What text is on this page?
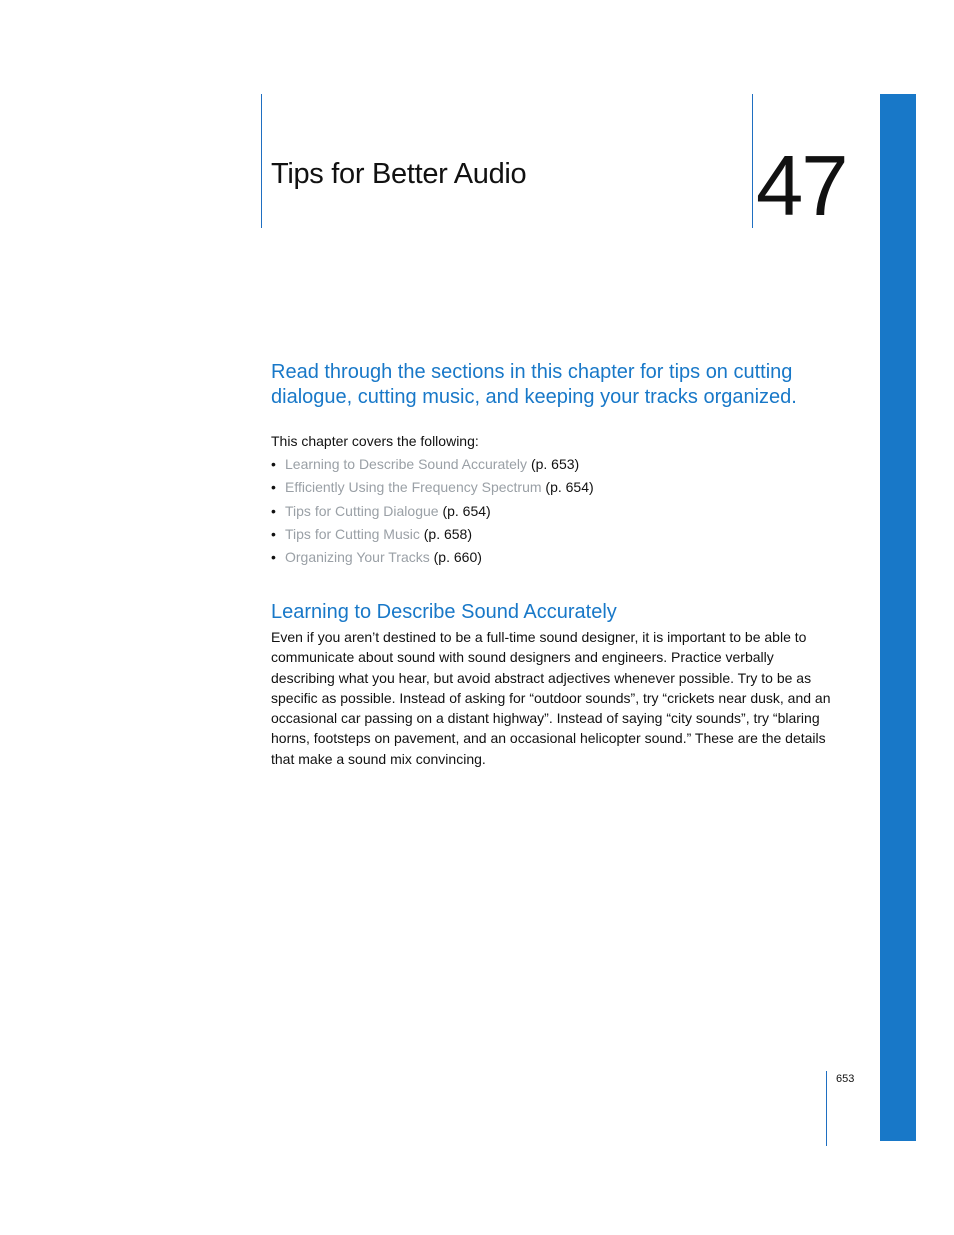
Tips for Better Audio	47

Read through the sections in this chapter for tips on cutting dialogue, cutting music, and keeping your tracks organized.

This chapter covers the following:
• Learning to Describe Sound Accurately (p. 653)
• Efficiently Using the Frequency Spectrum (p. 654)
• Tips for Cutting Dialogue (p. 654)
• Tips for Cutting Music (p. 658)
• Organizing Your Tracks (p. 660)
Learning to Describe Sound Accurately

Even if you aren’t destined to be a full-time sound designer, it is important to be able to communicate about sound with sound designers and engineers. Practice verbally describing what you hear, but avoid abstract adjectives whenever possible. Try to be as specific as possible. Instead of asking for “outdoor sounds”, try “crickets near dusk, and an occasional car passing on a distant highway”. Instead of saying “city sounds”, try “blaring horns, footsteps on pavement, and an occasional helicopter sound.” These are the details that make a sound mix convincing.

653
